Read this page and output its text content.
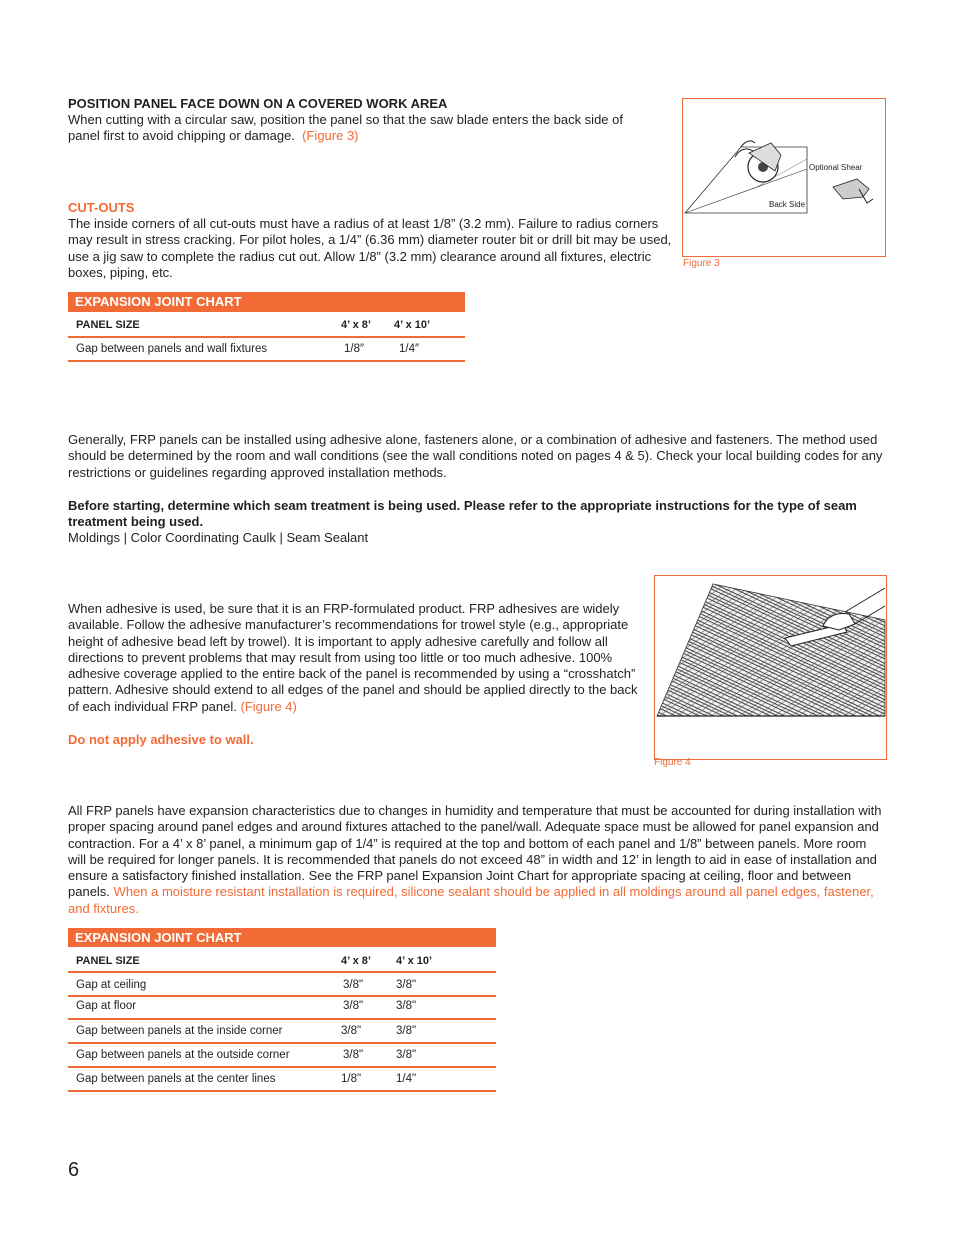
POSITION PANEL FACE DOWN ON A COVERED WORK AREA
When cutting with a circular saw, position the panel so that the saw blade enters the back side of panel first to avoid chipping or damage. (Figure 3)
CUT-OUTS
The inside corners of all cut-outs must have a radius of at least 1/8” (3.2 mm). Failure to radius corners may result in stress cracking. For pilot holes, a 1/4” (6.36 mm) diameter router bit or drill bit may be used, use a jig saw to complete the radius cut out. Allow 1/8” (3.2 mm) clearance around all fixtures, electric boxes, piping, etc.
Optional Shear
Back Side
Figure 3
EXPANSION JOINT CHART
PANEL SIZE	4’ x 8’ 4’ x 10’
Gap between panels and wall fixtures	1/8″	1/4″
Generally, FRP panels can be installed using adhesive alone, fasteners alone, or a combination of adhesive and fasteners. The method used should be determined by the room and wall conditions (see the wall conditions noted on pages 4 & 5). Check your local building codes for any restrictions or guidelines regarding approved installation methods.
Before starting, determine which seam treatment is being used. Please refer to the appropriate instructions for the type of seam treatment being used.
Moldings | Color Coordinating Caulk | Seam Sealant
When adhesive is used, be sure that it is an FRP-formulated product. FRP adhesives are widely available. Follow the adhesive manufacturer’s recommendations for trowel style (e.g., appropriate height of adhesive bead left by trowel). It is important to apply adhesive carefully and follow all directions to prevent problems that may result from using too little or too much adhesive. 100% adhesive coverage applied to the entire back of the panel is recommended by using a “crosshatch” pattern. Adhesive should extend to all edges of the panel and should be applied directly to the back of each individual FRP panel. (Figure 4)
Do not apply adhesive to wall.
Figure 4
All FRP panels have expansion characteristics due to changes in humidity and temperature that must be accounted for during installation with proper spacing around panel edges and around fixtures attached to the panel/wall. Adequate space must be allowed for panel expansion and contraction. For a 4’ x 8’ panel, a minimum gap of 1/4” is required at the top and bottom of each panel and 1/8” between panels. More room will be required for longer panels. It is recommended that panels do not exceed 48” in width and 12’ in length to aid in ease of installation and ensure a satisfactory finished installation. See the FRP panel Expansion Joint Chart for appropriate spacing at ceiling, floor and between panels. When a moisture resistant installation is required, silicone sealant should be applied in all moldings around all panel edges, fastener, and fixtures.
EXPANSION JOINT CHART
PANEL SIZE	4’ x 8’ 4’ x 10’
Gap at ceiling	3/8"	3/8"
Gap at floor	3/8"	3/8"
Gap between panels at the inside corner	3/8"	3/8"
Gap between panels at the outside corner	3/8"	3/8"
Gap between panels at the center lines	1/8"	1/4"
6
